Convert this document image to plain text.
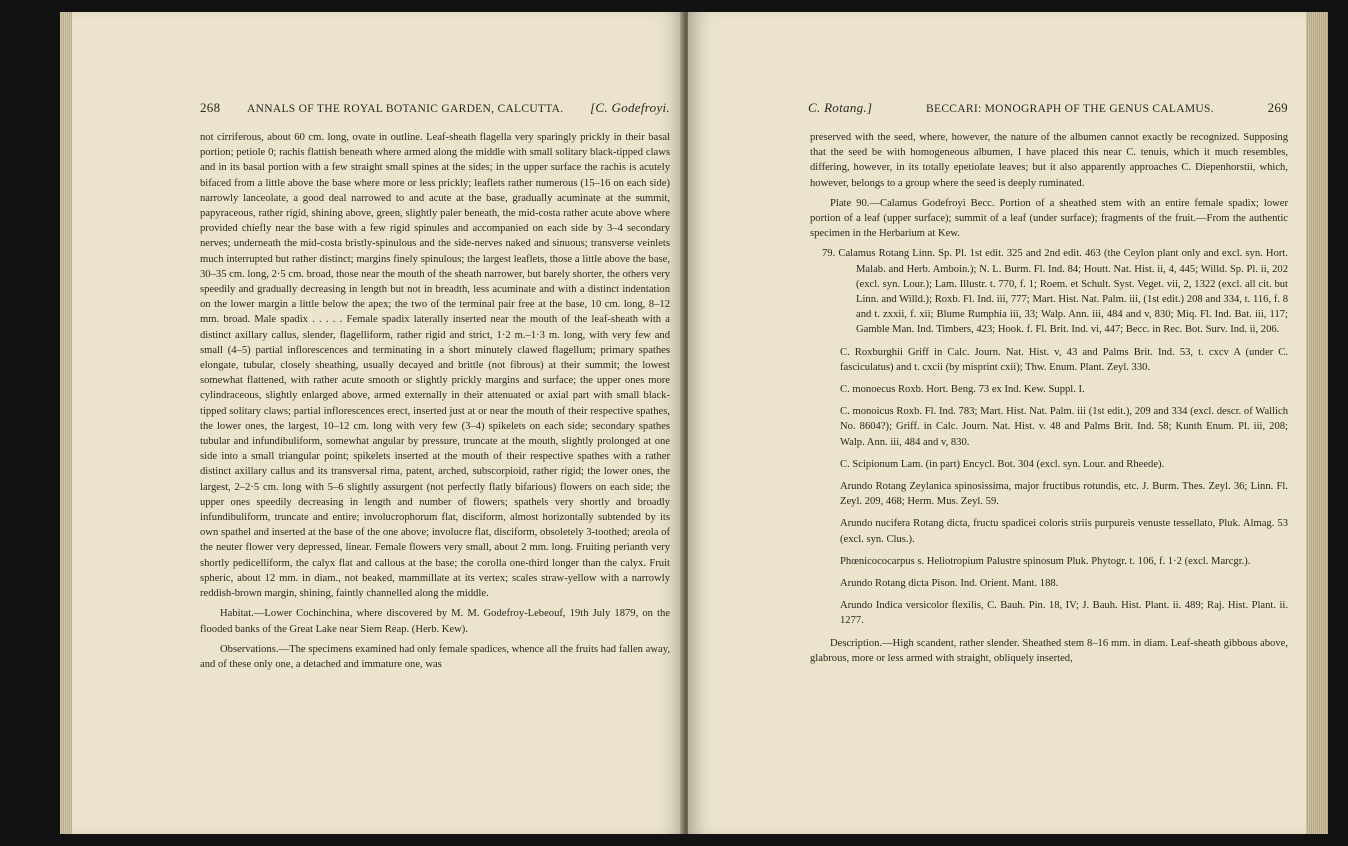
268 ANNALS OF THE ROYAL BOTANIC GARDEN, CALCUTTA. [C. Godefroyi.

not cirriferous, about 60 cm. long, ovate in outline. Leaf-sheath flagella very sparingly prickly in their basal portion; petiole 0; rachis flattish beneath where armed along the middle with small solitary black-tipped claws and in its basal portion with a few straight small spines at the sides; in the upper surface the rachis is acutely bifaced from a little above the base where more or less prickly; leaflets rather numerous (15–16 on each side) narrowly lanceolate, a good deal narrowed to and acute at the base, gradually acuminate at the summit, papyraceous, rather rigid, shining above, green, slightly paler beneath, the mid-costa rather acute above where provided chiefly near the base with a few rigid spinules and accompanied on each side by 3–4 secondary nerves; underneath the mid-costa bristly-spinulous and the side-nerves naked and sinuous; transverse veinlets much interrupted but rather distinct; margins finely spinulous; the largest leaflets, those a little above the base, 30–35 cm. long, 2·5 cm. broad, those near the mouth of the sheath narrower, but barely shorter, the others very speedily and gradually decreasing in length but not in breadth, less acuminate and with a distinct indentation on the lower margin a little below the apex; the two of the terminal pair free at the base, 10 cm. long, 8–12 mm. broad. Male spadix . . . . . Female spadix laterally inserted near the mouth of the leaf-sheath with a distinct axillary callus, slender, flagelliform, rather rigid and strict, 1·2 m.–1·3 m. long, with very few and small (4–5) partial inflorescences and terminating in a short minutely clawed flagellum; primary spathes elongate, tubular, closely sheathing, usually decayed and brittle (not fibrous) at their summit; the lowest somewhat flattened, with rather acute smooth or slightly prickly margins and surface; the upper ones more cylindraceous, slightly enlarged above, armed externally in their attenuated or axial part with small black-tipped solitary claws; partial inflorescences erect, inserted just at or near the mouth of their respective spathes, the lower ones, the largest, 10–12 cm. long with very few (3–4) spikelets on each side; secondary spathes tubular and infundibuliform, somewhat angular by pressure, truncate at the mouth, slightly prolonged at one side into a small triangular point; spikelets inserted at the mouth of their respective spathes with a rather distinct axillary callus and its transversal rima, patent, arched, subscorpioid, rather rigid; the lower ones, the largest, 2–2·5 cm. long with 5–6 slightly assurgent (not perfectly flatly bifarious) flowers on each side; the upper ones speedily decreasing in length and number of flowers; spathels very shortly and broadly infundibuliform, truncate and entire; involucrophorum flat, disciform, almost horizontally subtended by its own spathel and inserted at the base of the one above; involucre flat, disciform, obsoletely 3-toothed; areola of the neuter flower very depressed, linear. Female flowers very small, about 2 mm. long. Fruiting perianth very shortly pedicelliform, the calyx flat and callous at the base; the corolla one-third longer than the calyx. Fruit spheric, about 12 mm. in diam., not beaked, mammillate at its vertex; scales straw-yellow with a narrowly reddish-brown margin, shining, faintly channelled along the middle.

Habitat.—Lower Cochinchina, where discovered by M. M. Godefroy-Lebeouf, 19th July 1879, on the flooded banks of the Great Lake near Siem Reap. (Herb. Kew).

Observations.—The specimens examined had only female spadices, whence all the fruits had fallen away, and of these only one, a detached and immature one, was

C. Rotang.]	BECCARI: MONOGRAPH OF THE GENUS CALAMUS.	269

preserved with the seed, where, however, the nature of the albumen cannot exactly be recognized. Supposing that the seed be with homogeneous albumen, I have placed this near C. tenuis, which it much resembles, differing, however, in its totally epetiolate leaves; but it also apparently approaches C. Diepenhorstii, which, however, belongs to a group where the seed is deeply ruminated.

Plate 90.—Calamus Godefroyi Becc. Portion of a sheathed stem with an entire female spadix; lower portion of a leaf (upper surface); summit of a leaf (under surface); fragments of the fruit.—From the authentic specimen in the Herbarium at Kew.

79. Calamus Rotang Linn. Sp. Pl. 1st edit. 325 and 2nd edit. 463 (the Ceylon plant only and excl. syn. Hort. Malab. and Herb. Amboin.); N. L. Burm. Fl. Ind. 84; Houtt. Nat. Hist. ii, 4, 445; Willd. Sp. Pl. ii, 202 (excl. syn. Lour.); Lam. Illustr. t. 770, f. 1; Roem. et Schult. Syst. Veget. vii, 2, 1322 (excl. all cit. but Linn. and Willd.); Roxb. Fl. Ind. iii, 777; Mart. Hist. Nat. Palm. iii, (1st edit.) 208 and 334, t. 116, f. 8 and t. zxxii, f. xii; Blume Rumphia iii, 33; Walp. Ann. iii, 484 and v, 830; Miq. Fl. Ind. Bat. iii, 117; Gamble Man. Ind. Timbers, 423; Hook. f. Fl. Brit. Ind. vi, 447; Becc. in Rec. Bot. Surv. Ind. ii, 206.

C. Roxburghii Griff in Calc. Journ. Nat. Hist. v, 43 and Palms Brit. Ind. 53, t. cxcv A (under C. fasciculatus) and t. cxcii (by misprint cxii); Thw. Enum. Plant. Zeyl. 330.

C. monoecus Roxb. Hort. Beng. 73 ex Ind. Kew. Suppl. I.

C. monoicus Roxb. Fl. Ind. 783; Mart. Hist. Nat. Palm. iii (1st edit.), 209 and 334 (excl. descr. of Wallich No. 8604?); Griff. in Calc. Journ. Nat. Hist. v. 48 and Palms Brit. Ind. 58; Kunth Enum. Pl. iii, 208; Walp. Ann. iii, 484 and v, 830.

C. Scipionum Lam. (in part) Encycl. Bot. 304 (excl. syn. Lour. and Rheede).

Arundo Rotang Zeylanica spinosissima, major fructibus rotundis, etc. J. Burm. Thes. Zeyl. 36; Linn. Fl. Zeyl. 209, 468; Herm. Mus. Zeyl. 59.

Arundo nucifera Rotang dicta, fructu spadicei coloris striis purpureis venuste tessellato, Pluk. Almag. 53 (excl. syn. Clus.).

Phœnicococarpus s. Heliotropium Palustre spinosum Pluk. Phytogr. t. 106, f. 1·2 (excl. Marcgr.).

Arundo Rotang dicta Pison. Ind. Orient. Mant. 188.

Arundo Indica versicolor flexilis, C. Bauh. Pin. 18, IV; J. Bauh. Hist. Plant. ii. 489; Raj. Hist. Plant. ii. 1277.

Description.—High scandent, rather slender. Sheathed stem 8–16 mm. in diam. Leaf-sheath gibbous above, glabrous, more or less armed with straight, obliquely inserted,
